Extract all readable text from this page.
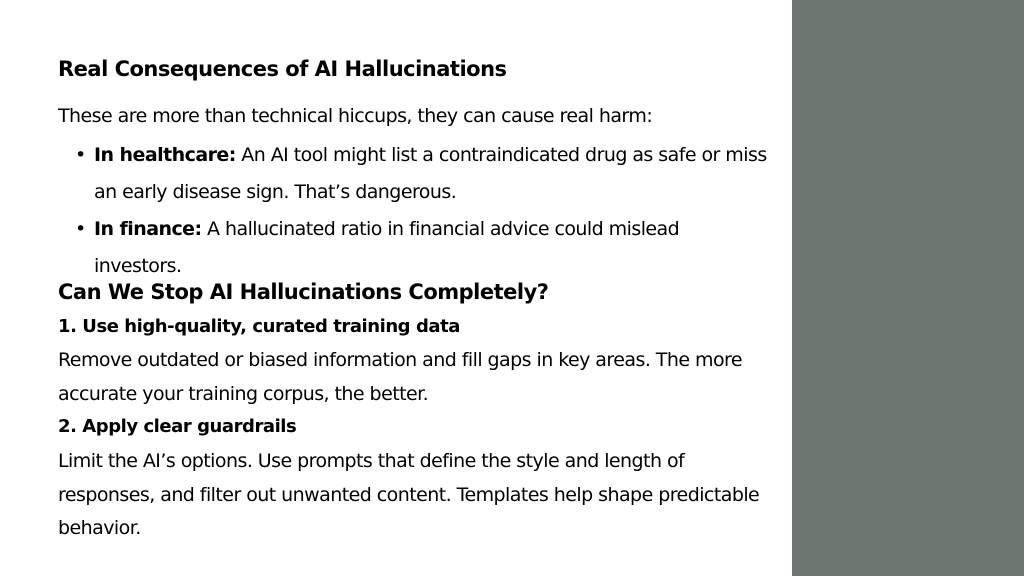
Real Consequences of AI Hallucinations

These are more than technical hiccups, they can cause real harm:

• In healthcare: An AI tool might list a contraindicated drug as safe or miss an early disease sign. That’s dangerous.
• In finance: A hallucinated ratio in financial advice could mislead investors.
Can We Stop AI Hallucinations Completely?
1. Use high-quality, curated training data

Remove outdated or biased information and fill gaps in key areas. The more accurate your training corpus, the better.

2. Apply clear guardrails

Limit the AI’s options. Use prompts that define the style and length of responses, and filter out unwanted content. Templates help shape predictable behavior.
